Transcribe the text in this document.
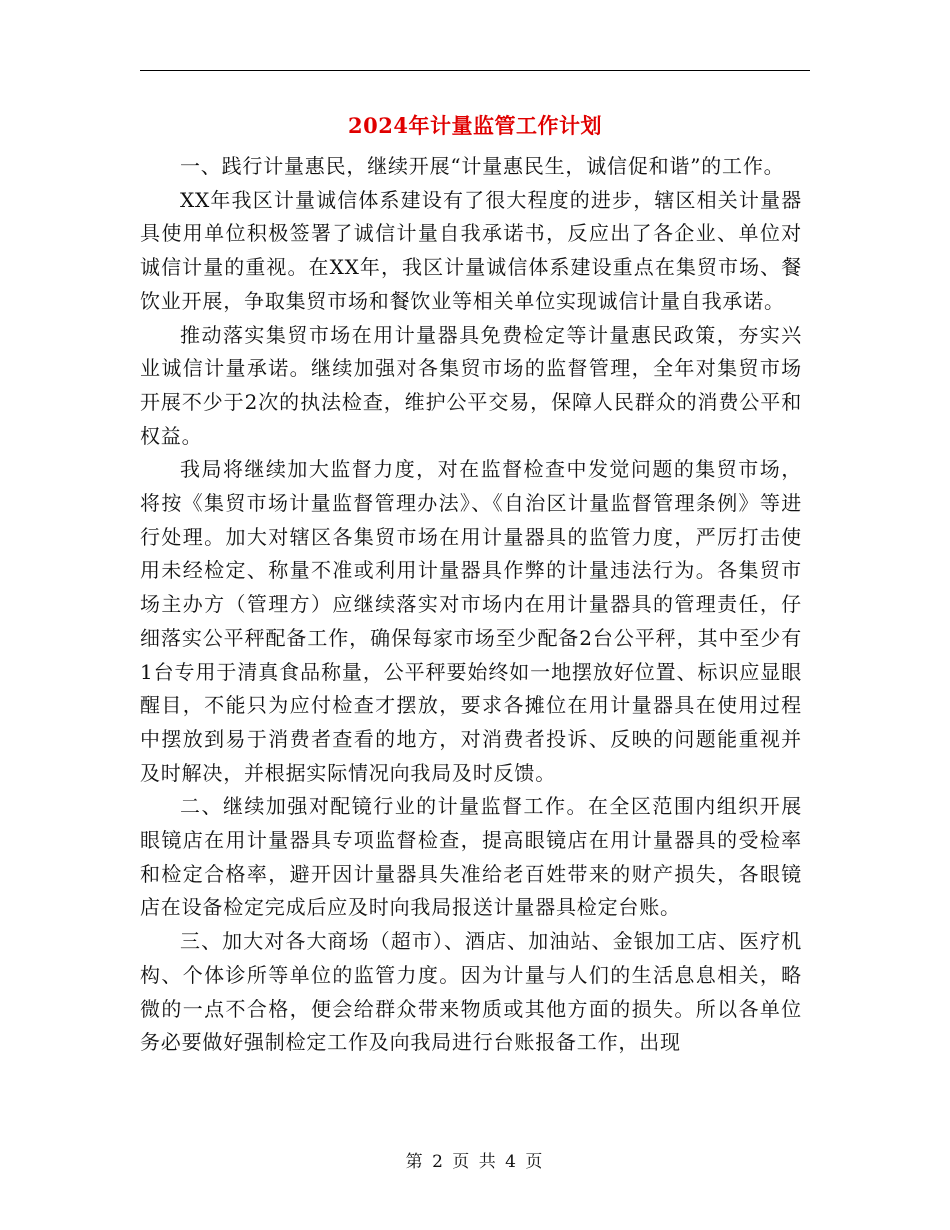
2024年计量监管工作计划

一、践行计量惠民，继续开展“计量惠民生，诚信促和谐”的工作。

XX年我区计量诚信体系建设有了很大程度的进步，辖区相关计量器具使用单位积极签署了诚信计量自我承诺书，反应出了各企业、单位对诚信计量的重视。在XX年，我区计量诚信体系建设重点在集贸市场、餐饮业开展，争取集贸市场和餐饮业等相关单位实现诚信计量自我承诺。

推动落实集贸市场在用计量器具免费检定等计量惠民政策，夯实兴业诚信计量承诺。继续加强对各集贸市场的监督管理，全年对集贸市场开展不少于2次的执法检查，维护公平交易，保障人民群众的消费公平和权益。

我局将继续加大监督力度，对在监督检查中发觉问题的集贸市场，将按《集贸市场计量监督管理办法》、《自治区计量监督管理条例》等进行处理。加大对辖区各集贸市场在用计量器具的监管力度，严厉打击使用未经检定、称量不准或利用计量器具作弊的计量违法行为。各集贸市场主办方（管理方）应继续落实对市场内在用计量器具的管理责任，仔细落实公平秤配备工作，确保每家市场至少配备2台公平秤，其中至少有1台专用于清真食品称量，公平秤要始终如一地摆放好位置、标识应显眼醒目，不能只为应付检查才摆放，要求各摊位在用计量器具在使用过程中摆放到易于消费者查看的地方，对消费者投诉、反映的问题能重视并及时解决，并根据实际情况向我局及时反馈。

二、继续加强对配镜行业的计量监督工作。在全区范围内组织开展眼镜店在用计量器具专项监督检查，提高眼镜店在用计量器具的受检率和检定合格率，避开因计量器具失准给老百姓带来的财产损失，各眼镜店在设备检定完成后应及时向我局报送计量器具检定台账。

三、加大对各大商场（超市）、酒店、加油站、金银加工店、医疗机构、个体诊所等单位的监管力度。因为计量与人们的生活息息相关，略微的一点不合格，便会给群众带来物质或其他方面的损失。所以各单位务必要做好强制检定工作及向我局进行台账报备工作，出现

第 2 页 共 4 页
